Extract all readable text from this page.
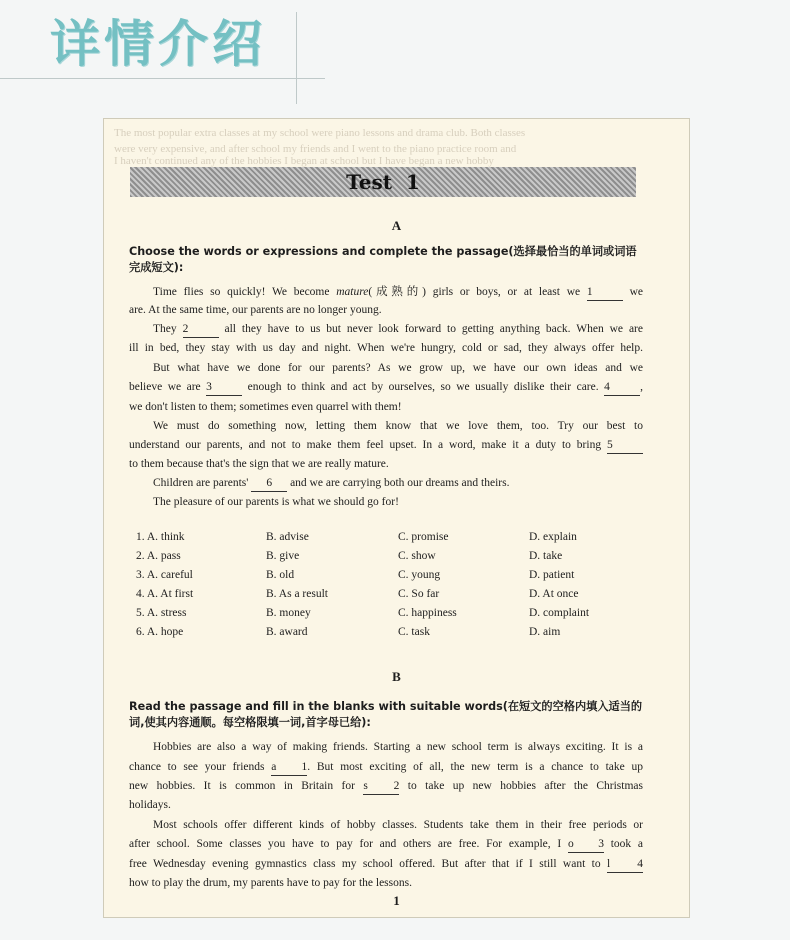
详情介绍
The most popular extra classes at my school were piano lessons and drama club. Both classes
were very expensive, and after school my friends and I went to the piano practice room and
I haven't continued any of the hobbies I began at school but I have began a new hobby
Test  1
A
Choose the words or expressions and complete the passage(选择最恰当的单词或词语完成短文):
Time flies so quickly! We become mature(成熟的) girls or boys, or at least we 1	we
are. At the same time, our parents are no longer young.
They 2	all they have to us but never look forward to getting anything back. When we are
ill in bed, they stay with us day and night. When we're hungry, cold or sad, they always offer help.
But what have we done for our parents? As we grow up, we have our own ideas and we
believe we are 3	enough to think and act by ourselves, so we usually dislike their care. 4	,
we don't listen to them; sometimes even quarrel with them!
We must do something now, letting them know that we love them, too. Try our best to
understand our parents, and not to make them feel upset. In a word, make it a duty to bring 5
to them because that's the sign that we are really mature.
Children are parents' 6 and we are carrying both our dreams and theirs.
The pleasure of our parents is what we should go for!
1. A. think	B. advise	C. promise	D. explain
2. A. pass	B. give	C. show	D. take
3. A. careful	B. old	C. young	D. patient
4. A. At first	B. As a result	C. So far	D. At once
5. A. stress	B. money	C. happiness	D. complaint
6. A. hope	B. award	C. task	D. aim
B
Read the passage and fill in the blanks with suitable words(在短文的空格内填入适当的词,使其内容通顺。每空格限填一词,首字母已给):
Hobbies are also a way of making friends. Starting a new school term is always exciting. It is a
chance to see your friends a   1. But most exciting of all, the new term is a chance to take up
new hobbies. It is common in Britain for s   2 to take up new hobbies after the Christmas
holidays.
Most schools offer different kinds of hobby classes. Students take them in their free periods or
after school. Some classes you have to pay for and others are free. For example, I o   3 took a
free Wednesday evening gymnastics class my school offered. But after that if I still want to l   4
how to play the drum, my parents have to pay for the lessons.
1
